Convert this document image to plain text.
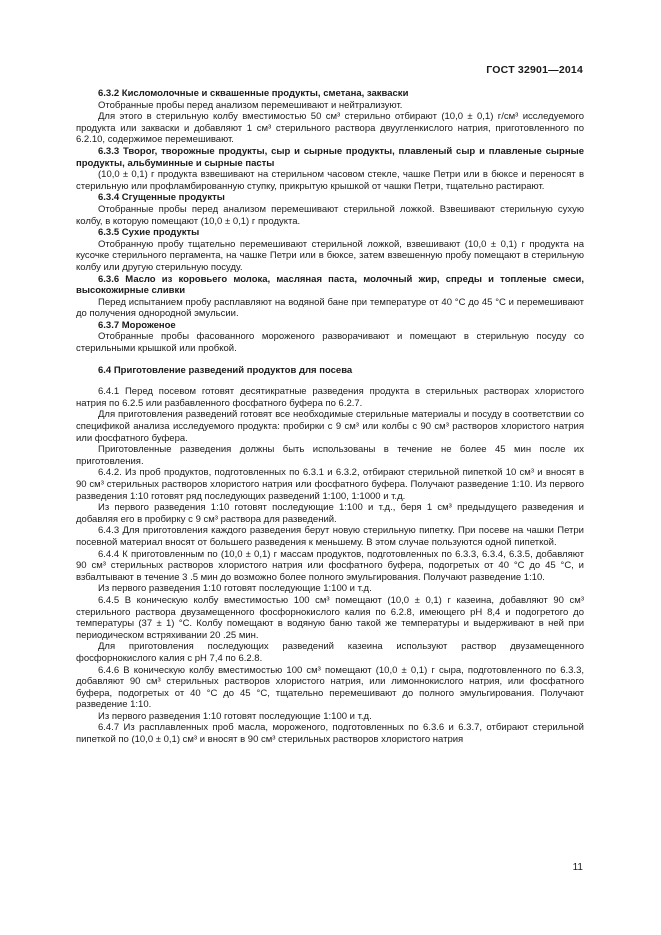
ГОСТ 32901—2014

6.3.2 Кисломолочные и сквашенные продукты, сметана, закваски

Отобранные пробы перед анализом перемешивают и нейтрализуют.

Для этого в стерильную колбу вместимостью 50 см³ стерильно отбирают (10,0 ± 0,1) г/см³ исследуемого продукта или закваски и добавляют 1 см³ стерильного раствора двуугленкислого натрия, приготовленного по 6.2.10, содержимое перемешивают.

6.3.3 Творог, творожные продукты, сыр и сырные продукты, плавленый сыр и плавленые сырные продукты, альбуминные и сырные пасты

(10,0 ± 0,1) г продукта взвешивают на стерильном часовом стекле, чашке Петри или в бюксе и переносят в стерильную или профламбированную ступку, прикрытую крышкой от чашки Петри, тщательно растирают.

6.3.4 Сгущенные продукты

Отобранные пробы перед анализом перемешивают стерильной ложкой. Взвешивают стерильную сухую колбу, в которую помещают (10,0 ± 0,1) г продукта.

6.3.5 Сухие продукты

Отобранную пробу тщательно перемешивают стерильной ложкой, взвешивают (10,0 ± 0,1) г продукта на кусочке стерильного пергамента, на чашке Петри или в бюксе, затем взвешенную пробу помещают в стерильную колбу или другую стерильную посуду.

6.3.6 Масло из коровьего молока, масляная паста, молочный жир, спреды и топленые смеси, высокожирные сливки

Перед испытанием пробу расплавляют на водяной бане при температуре от 40 °С до 45 °С и перемешивают до получения однородной эмульсии.

6.3.7 Мороженое

Отобранные пробы фасованного мороженого разворачивают и помещают в стерильную посуду со стерильными крышкой или пробкой.

6.4 Приготовление разведений продуктов для посева

6.4.1 Перед посевом готовят десятикратные разведения продукта в стерильных растворах хлористого натрия по 6.2.5 или разбавленного фосфатного буфера по 6.2.7.

Для приготовления разведений готовят все необходимые стерильные материалы и посуду в соответствии со спецификой анализа исследуемого продукта: пробирки с 9 см³ или колбы с 90 см³ растворов хлористого натрия или фосфатного буфера.

Приготовленные разведения должны быть использованы в течение не более 45 мин после их приготовления.

6.4.2. Из проб продуктов, подготовленных по 6.3.1 и 6.3.2, отбирают стерильной пипеткой 10 см³ и вносят в 90 см³ стерильных растворов хлористого натрия или фосфатного буфера. Получают разведение 1:10. Из первого разведения 1:10 готовят ряд последующих разведений 1:100, 1:1000 и т.д.

Из первого разведения 1:10 готовят последующие 1:100 и т.д., беря 1 см³ предыдущего разведения и добавляя его в пробирку с 9 см³ раствора для разведений.

6.4.3 Для приготовления каждого разведения берут новую стерильную пипетку. При посеве на чашки Петри посевной материал вносят от большего разведения к меньшему. В этом случае пользуются одной пипеткой.

6.4.4 К приготовленным по (10,0 ± 0,1) г массам продуктов, подготовленных по 6.3.3, 6.3.4, 6.3.5, добавляют 90 см³ стерильных растворов хлористого натрия или фосфатного буфера, подогретых от 40 °С до 45 °С, и взбалтывают в течение 3 .5 мин до возможно более полного эмульгирования. Получают разведение 1:10.

Из первого разведения 1:10 готовят последующие 1:100 и т.д.

6.4.5 В коническую колбу вместимостью 100 см³ помещают (10,0 ± 0,1) г казеина, добавляют 90 см³ стерильного раствора двузамещенного фосфорнокислого калия по 6.2.8, имеющего рН 8,4 и подогретого до температуры (37 ± 1) °С. Колбу помещают в водяную баню такой же температуры и выдерживают в ней при периодическом встряхивании 20 .25 мин.

Для приготовления последующих разведений казеина используют раствор двузамещенного фосфорнокислого калия с рН 7,4 по 6.2.8.

6.4.6 В коническую колбу вместимостью 100 см³ помещают (10,0 ± 0,1) г сыра, подготовленного по 6.3.3, добавляют 90 см³ стерильных растворов хлористого натрия, или лимоннокислого натрия, или фосфатного буфера, подогретых от 40 °С до 45 °С, тщательно перемешивают до полного эмульгирования. Получают разведение 1:10.

Из первого разведения 1:10 готовят последующие 1:100 и т.д.

6.4.7 Из расплавленных проб масла, мороженого, подготовленных по 6.3.6 и 6.3.7, отбирают стерильной пипеткой по (10,0 ± 0,1) см³ и вносят в 90 см³ стерильных растворов хлористого натрия

11
